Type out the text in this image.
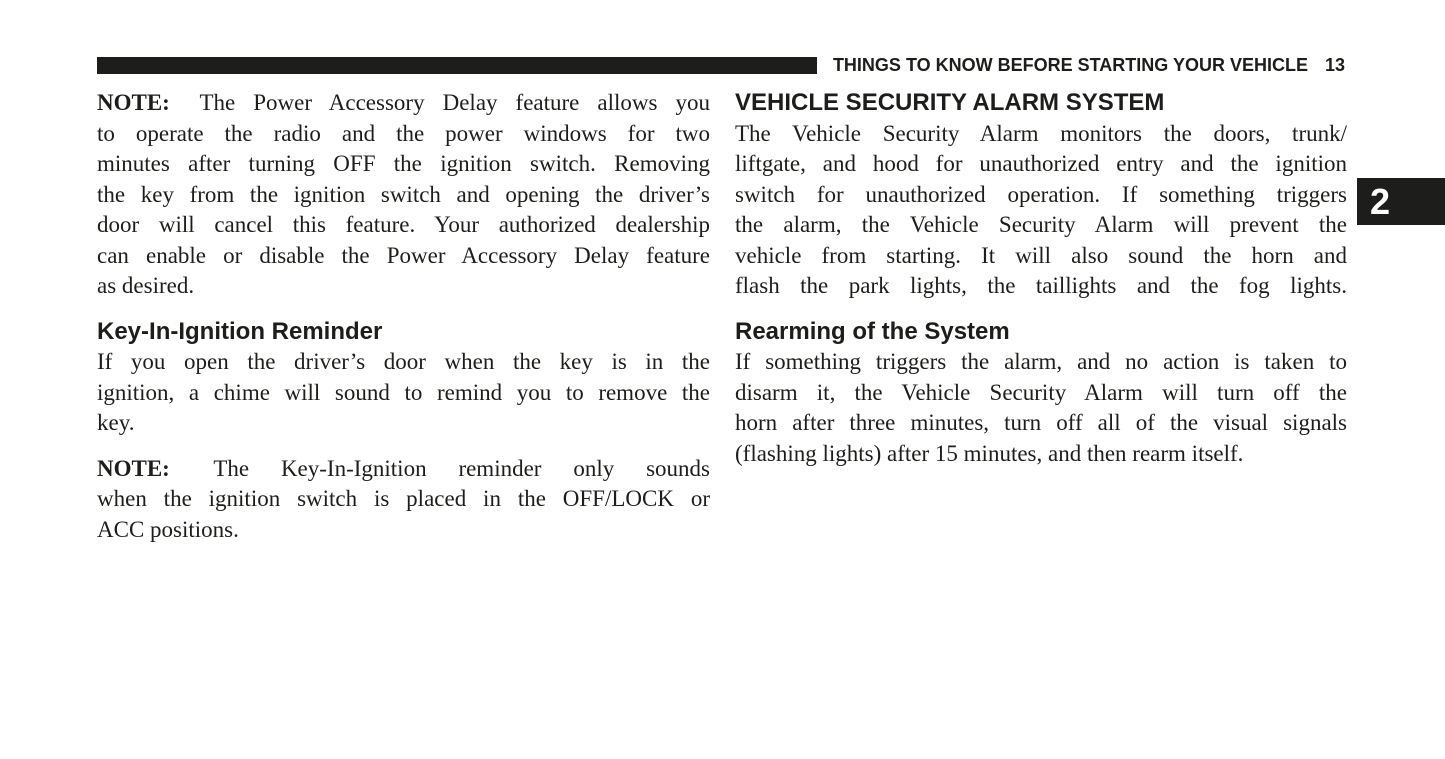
THINGS TO KNOW BEFORE STARTING YOUR VEHICLE 13
2
NOTE: The Power Accessory Delay feature allows you
to operate the radio and the power windows for two
minutes after turning OFF the ignition switch. Removing
the key from the ignition switch and opening the driver’s
door will cancel this feature. Your authorized dealership
can enable or disable the Power Accessory Delay feature
as desired.
Key-In-Ignition Reminder
If you open the driver’s door when the key is in the
ignition, a chime will sound to remind you to remove the
key.
NOTE: The Key-In-Ignition reminder only sounds
when the ignition switch is placed in the OFF/LOCK or
ACC positions.
VEHICLE SECURITY ALARM SYSTEM
The Vehicle Security Alarm monitors the doors, trunk/
liftgate, and hood for unauthorized entry and the ignition
switch for unauthorized operation. If something triggers
the alarm, the Vehicle Security Alarm will prevent the
vehicle from starting. It will also sound the horn and
flash the park lights, the taillights and the fog lights.
Rearming of the System
If something triggers the alarm, and no action is taken to
disarm it, the Vehicle Security Alarm will turn off the
horn after three minutes, turn off all of the visual signals
(flashing lights) after 15 minutes, and then rearm itself.
